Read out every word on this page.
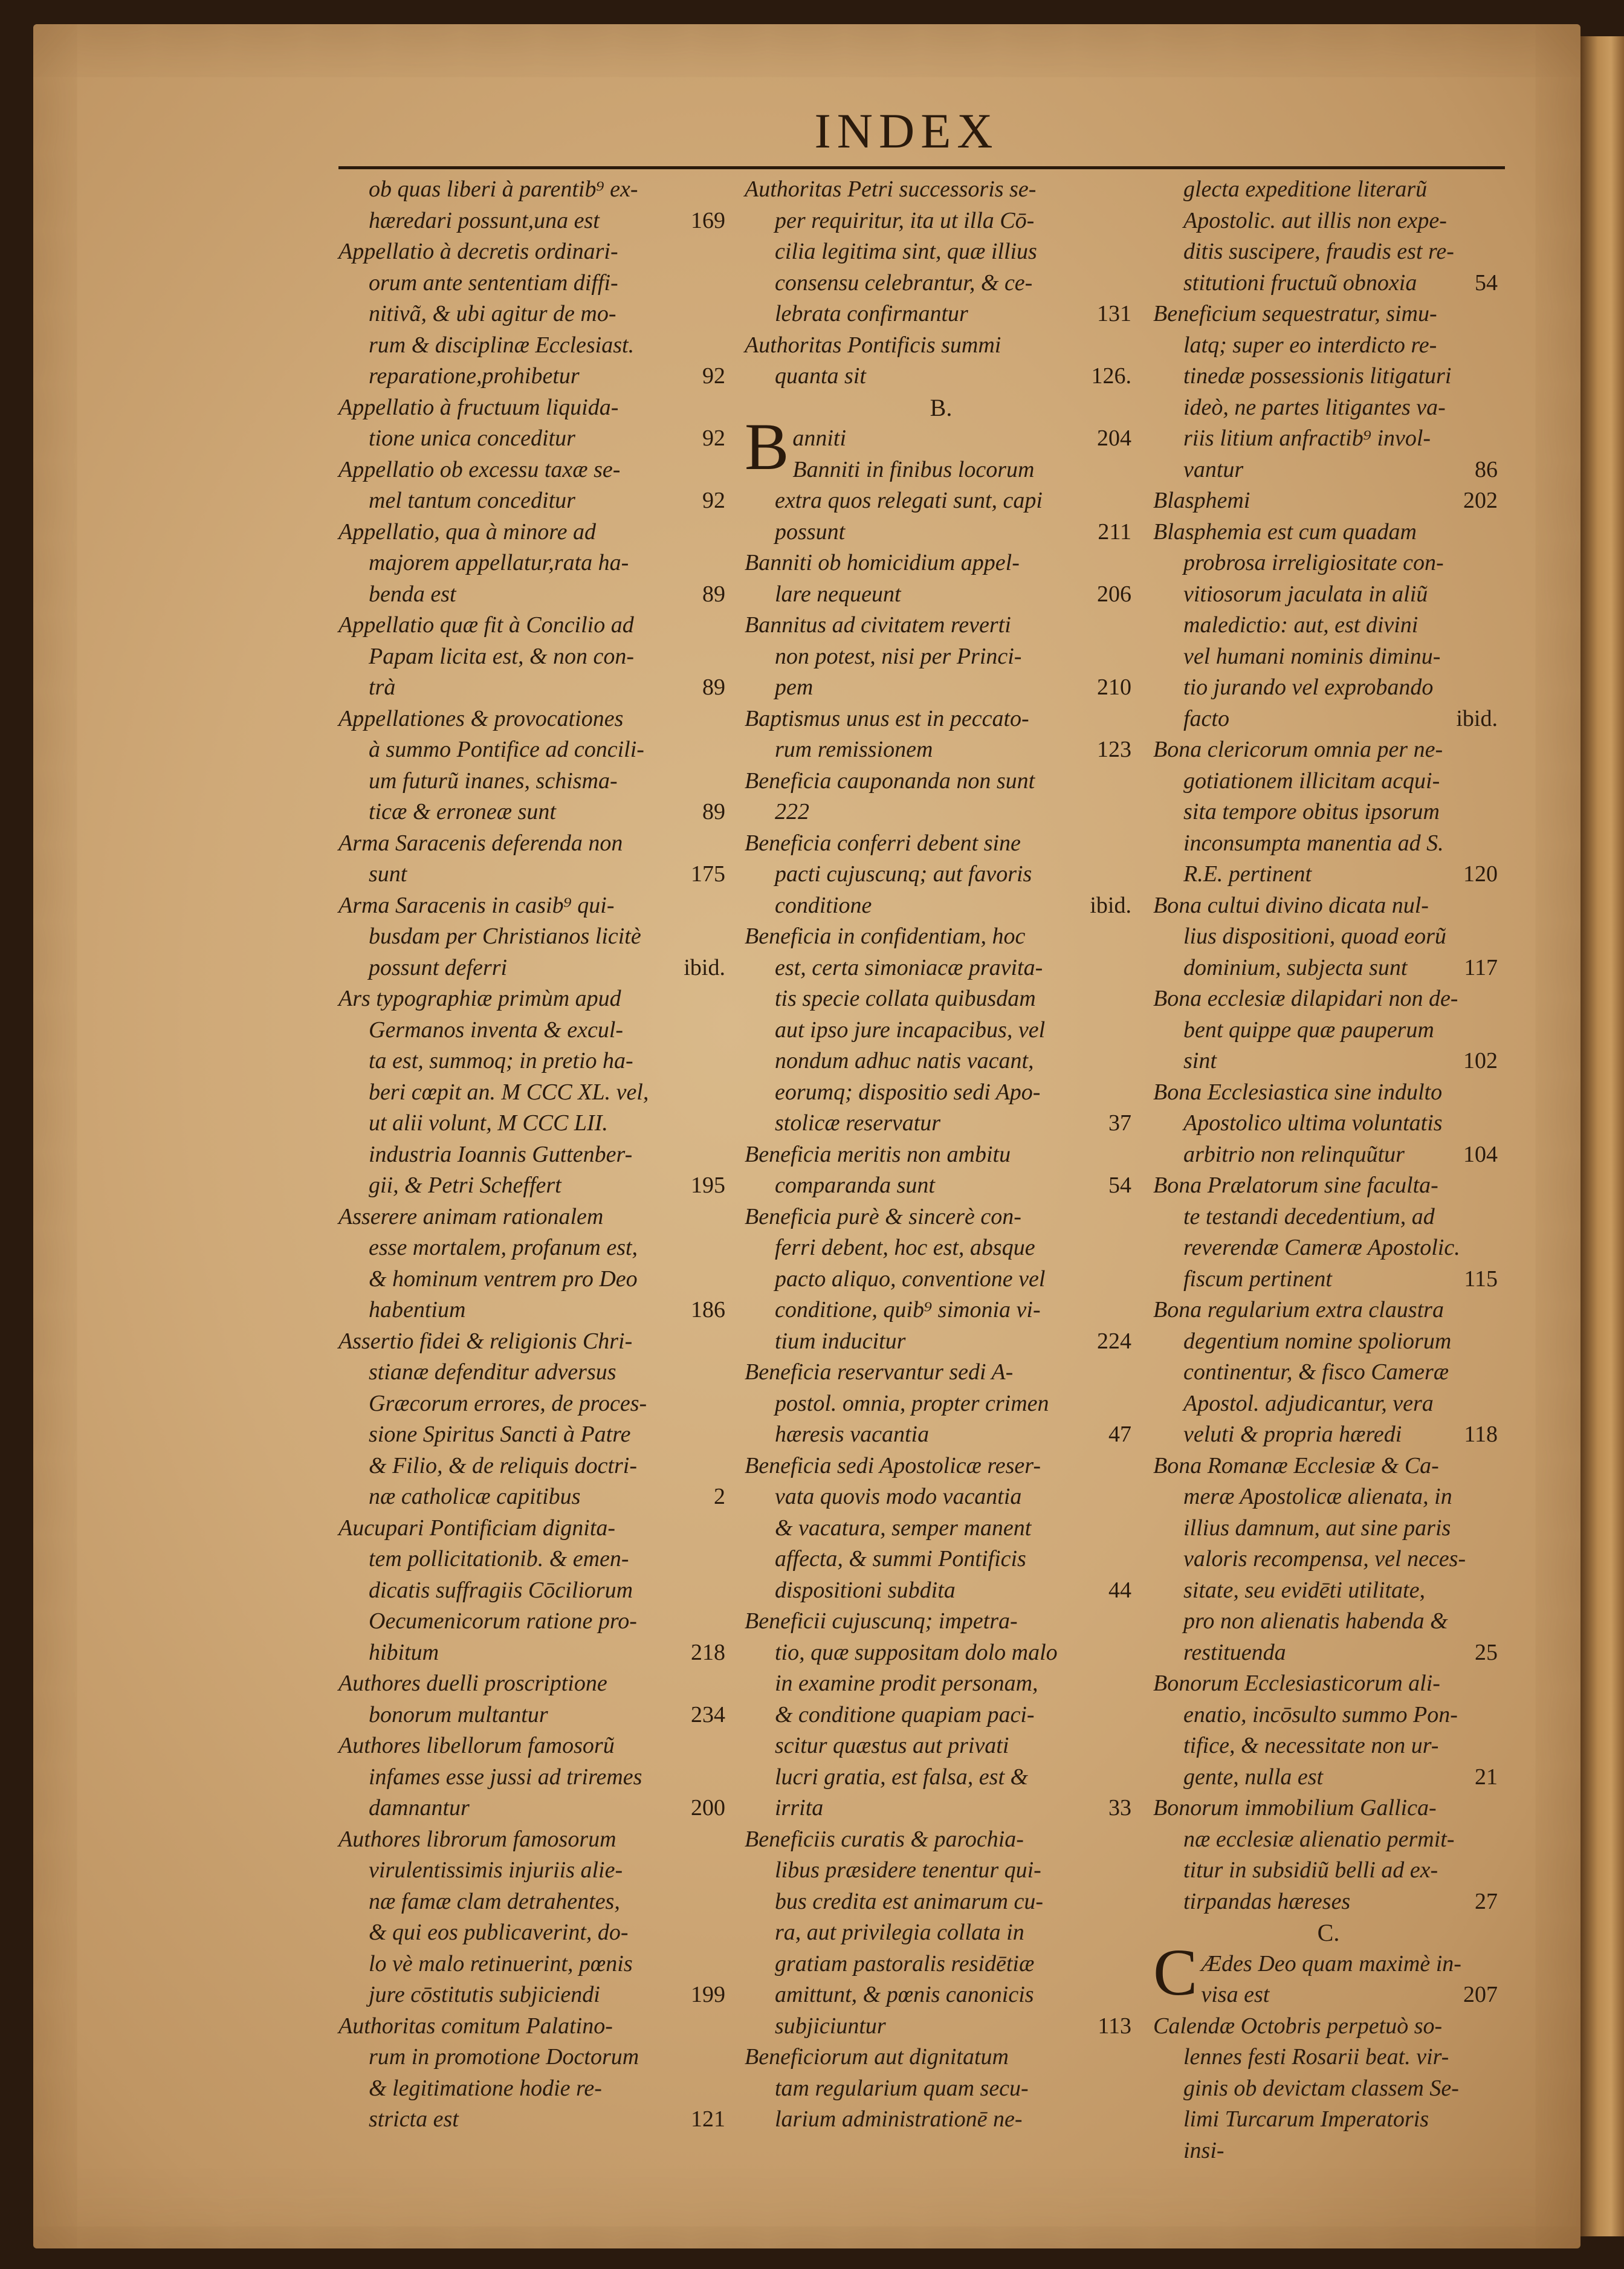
INDEX
ob quas liberi à parentib⁹ ex-
169
hæredari possunt,una est
Appellatio à decretis ordinari-
orum ante sententiam diffi-
nitivã, & ubi agitur de mo-
rum & disciplinæ Ecclesiast.
92
reparatione,prohibetur
Appellatio à fructuum liquida-
92
tione unica conceditur
Appellatio ob excessu taxæ se-
92
mel tantum conceditur
Appellatio, qua à minore ad
majorem appellatur,rata ha-
89
benda est
Appellatio quæ fit à Concilio ad
Papam licita est, & non con-
89
trà
Appellationes & provocationes
à summo Pontifice ad concili-
um futurũ inanes, schisma-
89
ticæ & erroneæ sunt
Arma Saracenis deferenda non
175
sunt
Arma Saracenis in casib⁹ qui-
busdam per Christianos licitè
ibid.
possunt deferri
Ars typographiæ primùm apud
Germanos inventa & excul-
ta est, summoq; in pretio ha-
beri cœpit an. M CCC XL. vel,
ut alii volunt, M CCC LII.
industria Ioannis Guttenber-
195
gii, & Petri Scheffert
Asserere animam rationalem
esse mortalem, profanum est,
& hominum ventrem pro Deo
186
habentium
Assertio fidei & religionis Chri-
stianæ defenditur adversus
Græcorum errores, de proces-
sione Spiritus Sancti à Patre
& Filio, & de reliquis doctri-
2
næ catholicæ capitibus
Aucupari Pontificiam dignita-
tem pollicitationib. & emen-
dicatis suffragiis Cōciliorum
Oecumenicorum ratione pro-
218
hibitum
Authores duelli proscriptione
234
bonorum multantur
Authores libellorum famosorũ
infames esse jussi ad triremes
200
damnantur
Authores librorum famosorum
virulentissimis injuriis alie-
næ famæ clam detrahentes,
& qui eos publicaverint, do-
lo vè malo retinuerint, pœnis
199
jure cōstitutis subjiciendi
Authoritas comitum Palatino-
rum in promotione Doctorum
& legitimatione hodie re-
121
stricta est
Authoritas Petri successoris se-
per requiritur, ita ut illa Cō-
cilia legitima sint, quæ illius
consensu celebrantur, & ce-
131
lebrata confirmantur
Authoritas Pontificis summi
126.
quanta sit
B.
B	204
anniti
Banniti in finibus locorum
extra quos relegati sunt, capi
211
possunt
Banniti ob homicidium appel-
206
lare nequeunt
Bannitus ad civitatem reverti
non potest, nisi per Princi-
210
pem
Baptismus unus est in peccato-
123
rum remissionem
Beneficia cauponanda non sunt
222
Beneficia conferri debent sine
pacti cujuscunq; aut favoris
ibid.
conditione
Beneficia in confidentiam, hoc
est, certa simoniacæ pravita-
tis specie collata quibusdam
aut ipso jure incapacibus, vel
nondum adhuc natis vacant,
eorumq; dispositio sedi Apo-
37
stolicæ reservatur
Beneficia meritis non ambitu
54
comparanda sunt
Beneficia purè & sincerè con-
ferri debent, hoc est, absque
pacto aliquo, conventione vel
conditione, quib⁹ simonia vi-
224
tium inducitur
Beneficia reservantur sedi A-
postol. omnia, propter crimen
47
hæresis vacantia
Beneficia sedi Apostolicæ reser-
vata quovis modo vacantia
& vacatura, semper manent
affecta, & summi Pontificis
44
dispositioni subdita
Beneficii cujuscunq; impetra-
tio, quæ suppositam dolo malo
in examine prodit personam,
& conditione quapiam paci-
scitur quæstus aut privati
lucri gratia, est falsa, est &
33
irrita
Beneficiis curatis & parochia-
libus præsidere tenentur qui-
bus credita est animarum cu-
ra, aut privilegia collata in
gratiam pastoralis residētiæ
amittunt, & pœnis canonicis
113
subjiciuntur
Beneficiorum aut dignitatum
tam regularium quam secu-
larium administrationē ne-
glecta expeditione literarũ
Apostolic. aut illis non expe-
ditis suscipere, fraudis est re-
54
stitutioni fructuũ obnoxia
Beneficium sequestratur, simu-
latq; super eo interdicto re-
tinedæ possessionis litigaturi
ideò, ne partes litigantes va-
riis litium anfractib⁹ invol-
86
vantur
202
Blasphemi
Blasphemia est cum quadam
probrosa irreligiositate con-
vitiosorum jaculata in aliũ
maledictio: aut, est divini
vel humani nominis diminu-
tio jurando vel exprobando
ibid.
facto
Bona clericorum omnia per ne-
gotiationem illicitam acqui-
sita tempore obitus ipsorum
inconsumpta manentia ad S.
120
R.E. pertinent
Bona cultui divino dicata nul-
lius dispositioni, quoad eorũ
117
dominium, subjecta sunt
Bona ecclesiæ dilapidari non de-
bent quippe quæ pauperum
102
sint
Bona Ecclesiastica sine indulto
Apostolico ultima voluntatis
104
arbitrio non relinquũtur
Bona Prælatorum sine faculta-
te testandi decedentium, ad
reverendæ Cameræ Apostolic.
115
fiscum pertinent
Bona regularium extra claustra
degentium nomine spoliorum
continentur, & fisco Cameræ
Apostol. adjudicantur, vera
118
veluti & propria hæredi
Bona Romanæ Ecclesiæ & Ca-
meræ Apostolicæ alienata, in
illius damnum, aut sine paris
valoris recompensa, vel neces-
sitate, seu evidēti utilitate,
pro non alienatis habenda &
25
restituenda
Bonorum Ecclesiasticorum ali-
enatio, incōsulto summo Pon-
tifice, & necessitate non ur-
21
gente, nulla est
Bonorum immobilium Gallica-
næ ecclesiæ alienatio permit-
titur in subsidiũ belli ad ex-
27
tirpandas hæreses
C.
C Ædes Deo quam maximè in-
207
visa est
Calendæ Octobris perpetuò so-
lennes festi Rosarii beat. vir-
ginis ob devictam classem Se-
limi Turcarum Imperatoris
insi-
